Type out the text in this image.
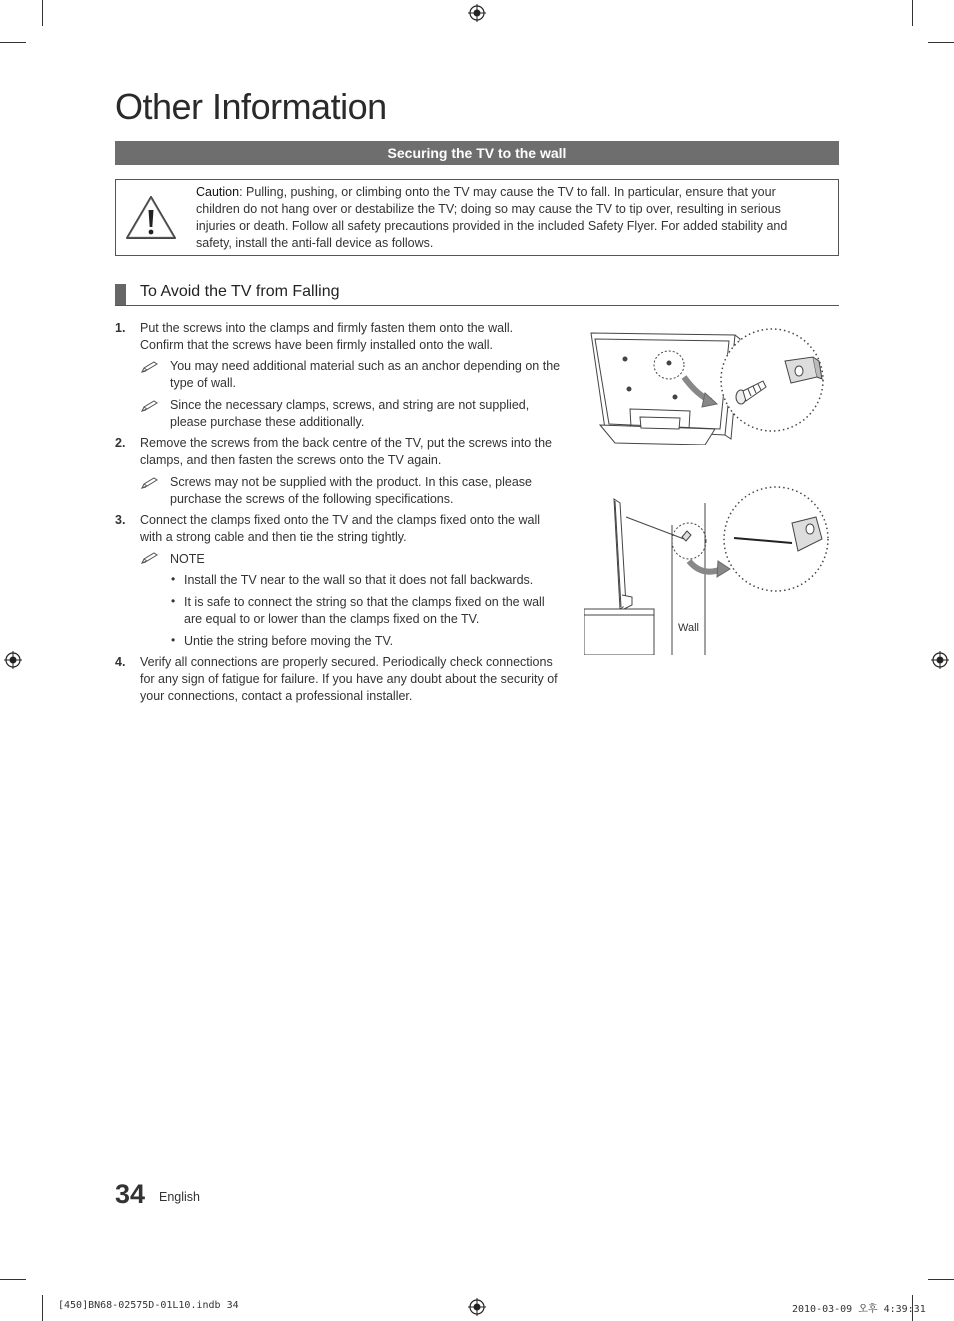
Other Information
Securing the TV to the wall
Caution: Pulling, pushing, or climbing onto the TV may cause the TV to fall. In particular, ensure that your children do not hang over or destabilize the TV; doing so may cause the TV to tip over, resulting in serious injuries or death. Follow all safety precautions provided in the included Safety Flyer. For added stability and safety, install the anti-fall device as follows.
To Avoid the TV from Falling
1. Put the screws into the clamps and firmly fasten them onto the wall. Confirm that the screws have been firmly installed onto the wall.
You may need additional material such as an anchor depending on the type of wall.
Since the necessary clamps, screws, and string are not supplied, please purchase these additionally.
2. Remove the screws from the back centre of the TV, put the screws into the clamps, and then fasten the screws onto the TV again.
Screws may not be supplied with the product. In this case, please purchase the screws of the following specifications.
3. Connect the clamps fixed onto the TV and the clamps fixed onto the wall with a strong cable and then tie the string tightly.
NOTE
• Install the TV near to the wall so that it does not fall backwards.
• It is safe to connect the string so that the clamps fixed on the wall are equal to or lower than the clamps fixed on the TV.
• Untie the string before moving the TV.
4. Verify all connections are properly secured. Periodically check connections for any sign of fatigue for failure. If you have any doubt about the security of your connections, contact a professional installer.
Wall
34 English
[450]BN68-02575D-01L10.indb 34	2010-03-09 오후 4:39:31
